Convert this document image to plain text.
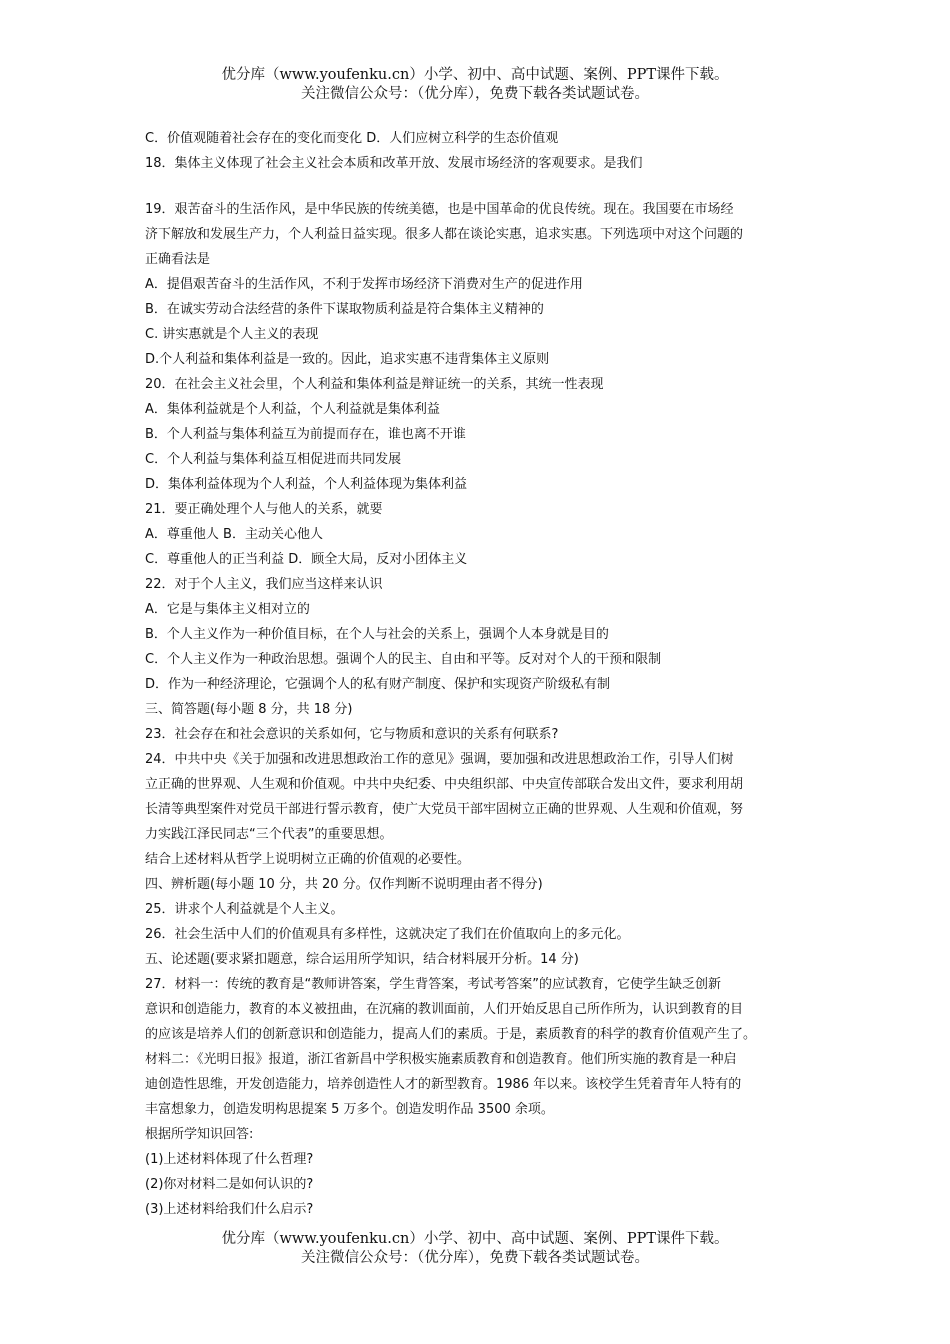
优分库（www.youfenku.cn）小学、初中、高中试题、案例、PPT课件下载。
关注微信公众号：（优分库），免费下载各类试题试卷。
C．价值观随着社会存在的变化而变化 D．人们应树立科学的生态价值观
18．集体主义体现了社会主义社会本质和改革开放、发展市场经济的客观要求。是我们
19．艰苦奋斗的生活作风，是中华民族的传统美德，也是中国革命的优良传统。现在。我国要在市场经
济下解放和发展生产力，个人利益日益实现。很多人都在谈论实惠，追求实惠。下列选项中对这个问题的
正确看法是
A．提倡艰苦奋斗的生活作风，不利于发挥市场经济下消费对生产的促进作用
B．在诚实劳动合法经营的条件下谋取物质利益是符合集体主义精神的
C. 讲实惠就是个人主义的表现
D.个人利益和集体利益是一致的。因此，追求实惠不违背集体主义原则
20．在社会主义社会里，个人利益和集体利益是辩证统一的关系，其统一性表现
A．集体利益就是个人利益，个人利益就是集体利益
B．个人利益与集体利益互为前提而存在，谁也离不开谁
C．个人利益与集体利益互相促进而共同发展
D．集体利益体现为个人利益，个人利益体现为集体利益
21．要正确处理个人与他人的关系，就要
A．尊重他人 B．主动关心他人
C．尊重他人的正当利益 D．顾全大局，反对小团体主义
22．对于个人主义，我们应当这样来认识
A．它是与集体主义相对立的
B．个人主义作为一种价值目标，在个人与社会的关系上，强调个人本身就是目的
C．个人主义作为一种政治思想。强调个人的民主、自由和平等。反对对个人的干预和限制
D．作为一种经济理论，它强调个人的私有财产制度、保护和实现资产阶级私有制
三、简答题(每小题 8 分，共 18 分)
23．社会存在和社会意识的关系如何，它与物质和意识的关系有何联系?
24．中共中央《关于加强和改进思想政治工作的意见》强调，要加强和改进思想政治工作，引导人们树
立正确的世界观、人生观和价值观。中共中央纪委、中央组织部、中央宣传部联合发出文件，要求利用胡
长清等典型案件对党员干部进行誓示教育，使广大党员干部牢固树立正确的世界观、人生观和价值观，努
力实践江泽民同志“三个代表”的重要思想。
结合上述材料从哲学上说明树立正确的价值观的必要性。
四、辨析题(每小题 10 分，共 20 分。仅作判断不说明理由者不得分)
25．讲求个人利益就是个人主义。
26．社会生活中人们的价值观具有多样性，这就决定了我们在价值取向上的多元化。
五、论述题(要求紧扣题意，综合运用所学知识，结合材料展开分析。14 分)
27．材料一：传统的教育是“教师讲答案，学生背答案，考试考答案”的应试教育，它使学生缺乏创新
意识和创造能力，教育的本义被扭曲，在沉痛的教训面前，人们开始反思自己所作所为，认识到教育的目
的应该是培养人们的创新意识和创造能力，提高人们的素质。于是，素质教育的科学的教育价值观产生了。
材料二：《光明日报》报道，浙江省新昌中学积极实施素质教育和创造教育。他们所实施的教育是一种启
迪创造性思维，开发创造能力，培养创造性人才的新型教育。1986 年以来。该校学生凭着青年人特有的
丰富想象力，创造发明构思提案 5 万多个。创造发明作品 3500 余项。
根据所学知识回答:
(1)上述材料体现了什么哲理?
(2)你对材料二是如何认识的?
(3)上述材料给我们什么启示?
优分库（www.youfenku.cn）小学、初中、高中试题、案例、PPT课件下载。
关注微信公众号：（优分库），免费下载各类试题试卷。
